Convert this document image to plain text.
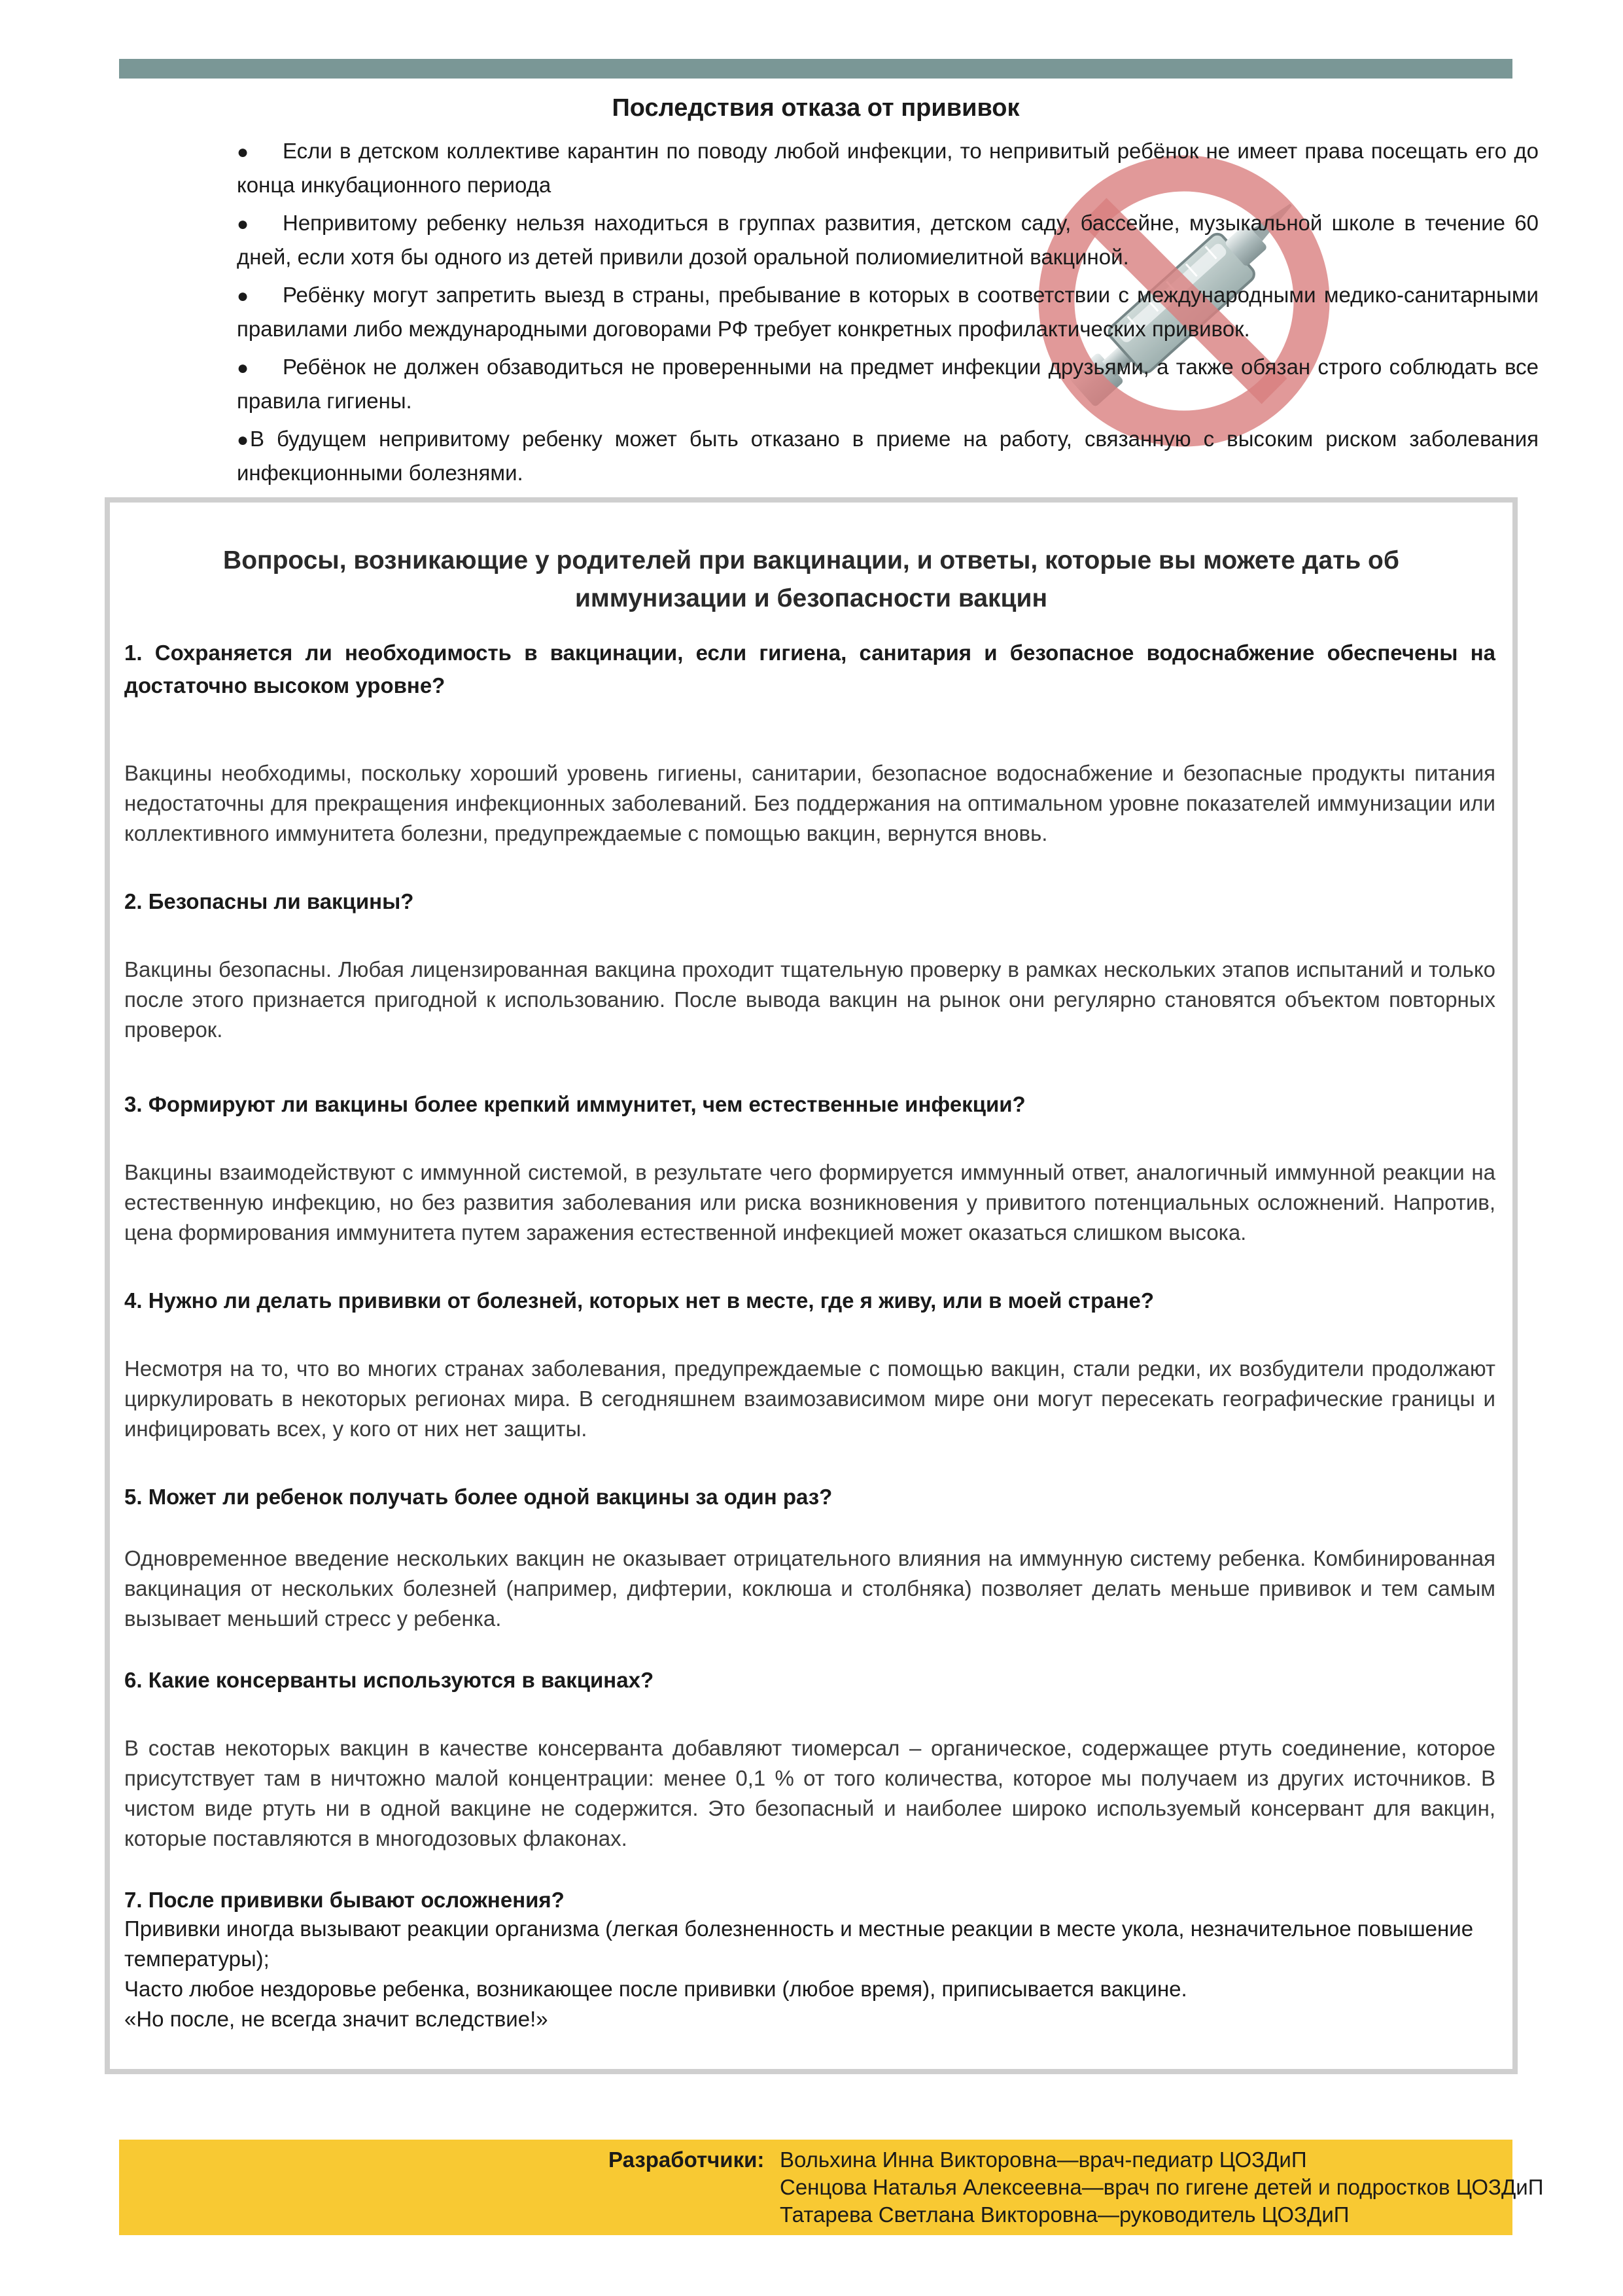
Последствия отказа от прививок
● Если в детском коллективе карантин по поводу любой инфекции, то непривитый ребёнок не имеет права посещать его до конца инкубационного периода
● Непривитому ребенку нельзя находиться в группах развития, детском саду, бассейне, музыкальной школе в течение 60 дней, если хотя бы одного из детей привили дозой оральной полиомиелитной вакциной.
● Ребёнку могут запретить выезд в страны, пребывание в которых в соответствии с международными медико-санитарными правилами либо международными договорами РФ требует конкретных профилактических прививок.
● Ребёнок не должен обзаводиться не проверенными на предмет инфекции друзьями, а также обязан строго соблюдать все правила гигиены.
●В будущем непривитому ребенку может быть отказано в приеме на работу, связанную с высоким риском заболевания инфекционными болезнями.
Вопросы, возникающие у родителей при вакцинации, и ответы, которые вы можете дать об иммунизации и безопасности вакцин

1. Сохраняется ли необходимость в вакцинации, если гигиена, санитария и безопасное водоснабжение обеспечены на достаточно высоком уровне?

Вакцины необходимы, поскольку хороший уровень гигиены, санитарии, безопасное водоснабжение и безопасные продукты питания недостаточны для прекращения инфекционных заболеваний. Без поддержания на оптимальном уровне показателей иммунизации или коллективного иммунитета болезни, предупреждаемые с помощью вакцин, вернутся вновь.

2. Безопасны ли вакцины?

Вакцины безопасны. Любая лицензированная вакцина проходит тщательную проверку в рамках нескольких этапов испытаний и только после этого признается пригодной к использованию. После вывода вакцин на рынок они регулярно становятся объектом повторных проверок.

3. Формируют ли вакцины более крепкий иммунитет, чем естественные инфекции?

Вакцины взаимодействуют с иммунной системой, в результате чего формируется иммунный ответ, аналогичный иммунной реакции на естественную инфекцию, но без развития заболевания или риска возникновения у привитого потенциальных осложнений. Напротив, цена формирования иммунитета путем заражения естественной инфекцией может оказаться слишком высока.

4. Нужно ли делать прививки от болезней, которых нет в месте, где я живу, или в моей стране?

Несмотря на то, что во многих странах заболевания, предупреждаемые с помощью вакцин, стали редки, их возбудители продолжают циркулировать в некоторых регионах мира. В сегодняшнем взаимозависимом мире они могут пересекать географические границы и инфицировать всех, у кого от них нет защиты.

5. Может ли ребенок получать более одной вакцины за один раз?

Одновременное введение нескольких вакцин не оказывает отрицательного влияния на иммунную систему ребенка. Комбинированная вакцинация от нескольких болезней (например, дифтерии, коклюша и столбняка) позволяет делать меньше прививок и тем самым вызывает меньший стресс у ребенка.

6. Какие консерванты используются в вакцинах?

В состав некоторых вакцин в качестве консерванта добавляют тиомерсал – органическое, содержащее ртуть соединение, которое присутствует там в ничтожно малой концентрации: менее 0,1 % от того количества, которое мы получаем из других источников. В чистом виде ртуть ни в одной вакцине не содержится. Это безопасный и наиболее широко используемый консервант для вакцин, которые поставляются в многодозовых флаконах.

7. После прививки бывают осложнения?

Прививки иногда вызывают реакции организма (легкая болезненность и местные реакции в месте укола, незначительное повышение температуры);

Часто любое нездоровье ребенка, возникающее после прививки (любое время), приписывается вакцине.

«Но после, не всегда значит вследствие!»

Разработчики: Вольхина Инна Викторовна—врач-педиатр ЦОЗДиП
Сенцова Наталья Алексеевна—врач по гигене детей и подростков ЦОЗДиП
Татарева Светлана Викторовна—руководитель ЦОЗДиП
